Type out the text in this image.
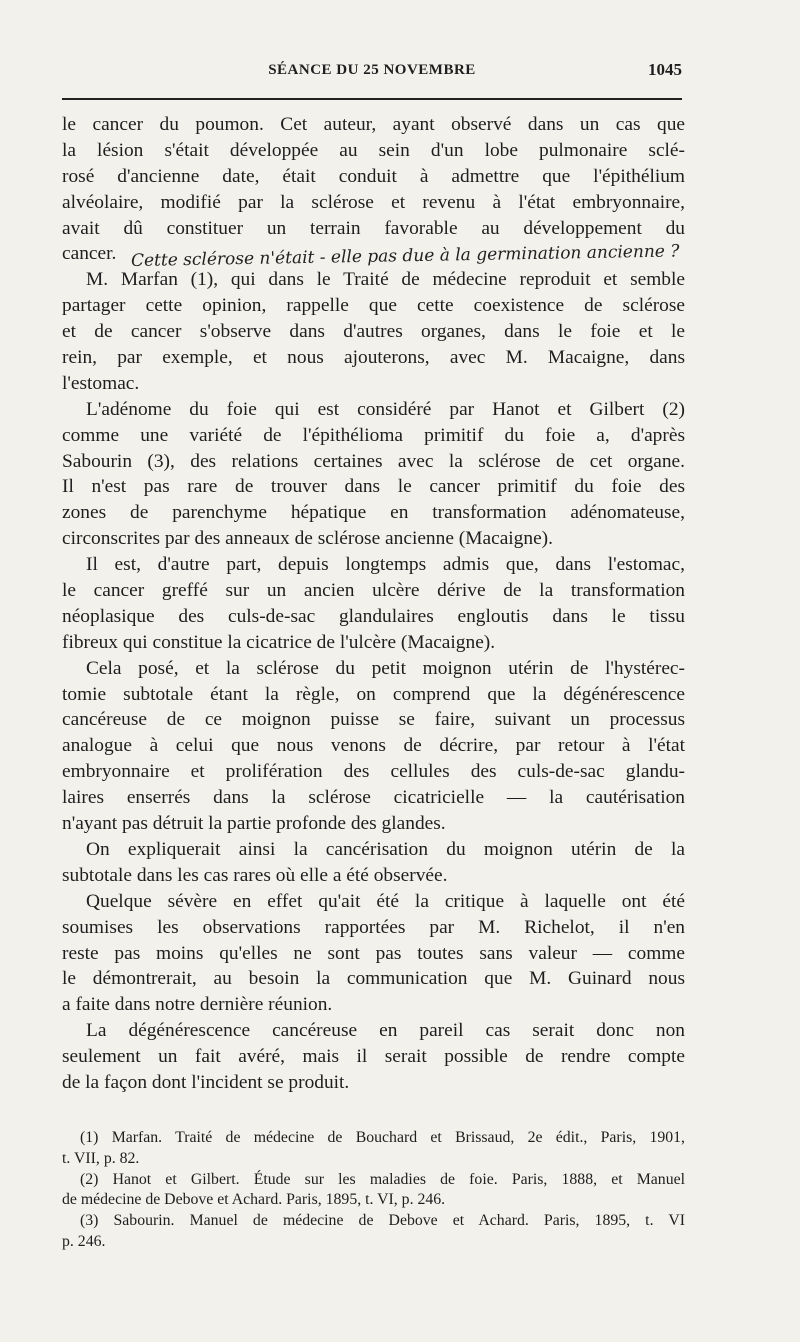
SÉANCE DU 25 NOVEMBRE	1045
le cancer du poumon. Cet auteur, ayant observé dans un cas que
la lésion s'était développée au sein d'un lobe pulmonaire sclé-
rosé d'ancienne date, était conduit à admettre que l'épithélium
alvéolaire, modifié par la sclérose et revenu à l'état embryonnaire,
avait dû constituer un terrain favorable au développement du
cancer.
M. Marfan (1), qui dans le Traité de médecine reproduit et semble
partager cette opinion, rappelle que cette coexistence de sclérose
et de cancer s'observe dans d'autres organes, dans le foie et le
rein, par exemple, et nous ajouterons, avec M. Macaigne, dans
l'estomac.
L'adénome du foie qui est considéré par Hanot et Gilbert (2)
comme une variété de l'épithélioma primitif du foie a, d'après
Sabourin (3), des relations certaines avec la sclérose de cet organe.
Il n'est pas rare de trouver dans le cancer primitif du foie des
zones de parenchyme hépatique en transformation adénomateuse,
circonscrites par des anneaux de sclérose ancienne (Macaigne).
Il est, d'autre part, depuis longtemps admis que, dans l'estomac,
le cancer greffé sur un ancien ulcère dérive de la transformation
néoplasique des culs-de-sac glandulaires engloutis dans le tissu
fibreux qui constitue la cicatrice de l'ulcère (Macaigne).
Cela posé, et la sclérose du petit moignon utérin de l'hystérec-
tomie subtotale étant la règle, on comprend que la dégénérescence
cancéreuse de ce moignon puisse se faire, suivant un processus
analogue à celui que nous venons de décrire, par retour à l'état
embryonnaire et prolifération des cellules des culs-de-sac glandu-
laires enserrés dans la sclérose cicatricielle — la cautérisation
n'ayant pas détruit la partie profonde des glandes.
On expliquerait ainsi la cancérisation du moignon utérin de la
subtotale dans les cas rares où elle a été observée.
Quelque sévère en effet qu'ait été la critique à laquelle ont été
soumises les observations rapportées par M. Richelot, il n'en
reste pas moins qu'elles ne sont pas toutes sans valeur — comme
le démontrerait, au besoin la communication que M. Guinard nous
a faite dans notre dernière réunion.
La dégénérescence cancéreuse en pareil cas serait donc non
seulement un fait avéré, mais il serait possible de rendre compte
de la façon dont l'incident se produit.
Cette sclérose n'était - elle pas due à la germination ancienne ?
(1) Marfan. Traité de médecine de Bouchard et Brissaud, 2e édit., Paris, 1901,
t. VII, p. 82.
(2) Hanot et Gilbert. Étude sur les maladies de foie. Paris, 1888, et Manuel
de médecine de Debove et Achard. Paris, 1895, t. VI, p. 246.
(3) Sabourin. Manuel de médecine de Debove et Achard. Paris, 1895, t. VI
p. 246.
